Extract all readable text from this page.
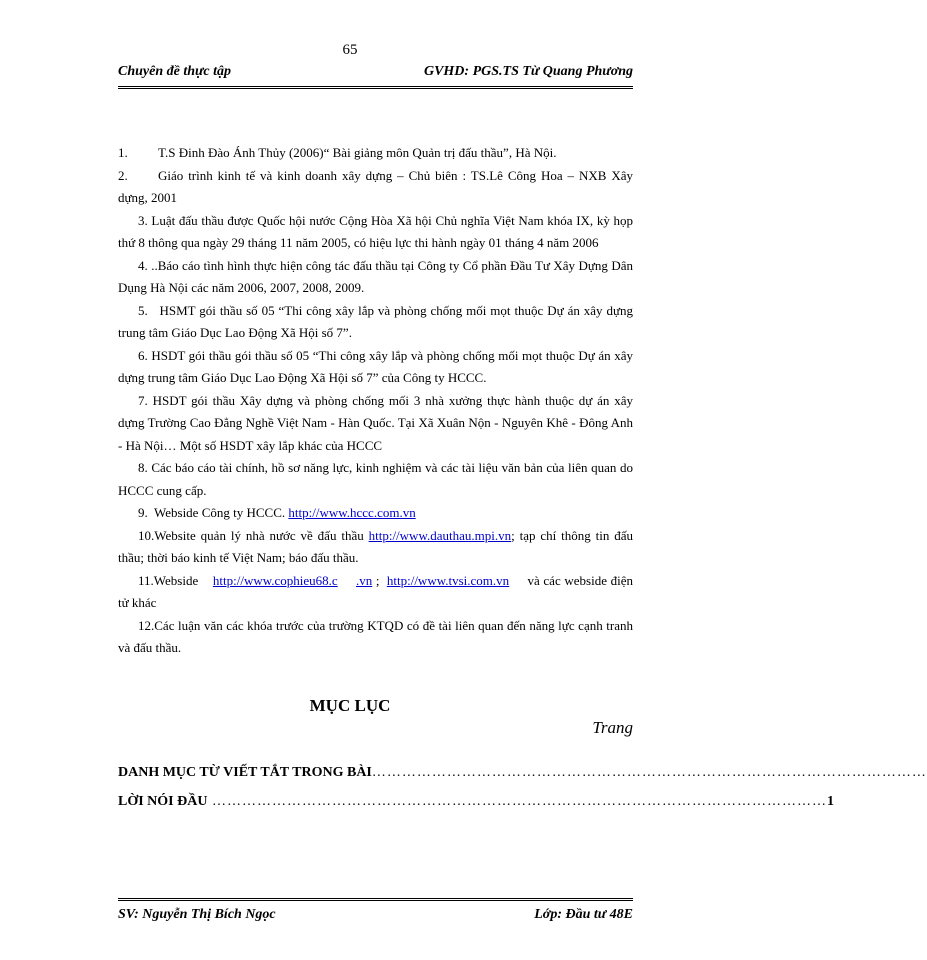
65
Chuyên đề thực tập	GVHD: PGS.TS Từ Quang Phương

1. T.S Đinh Đào Ánh Thủy (2006)“ Bài giảng môn Quản trị đấu thầu”, Hà Nội.

2. Giáo trình kinh tế và kinh doanh xây dựng – Chủ biên : TS.Lê Công Hoa – NXB Xây dựng, 2001

3. Luật đấu thầu được Quốc hội nước Cộng Hòa Xã hội Chủ nghĩa Việt Nam khóa IX, kỳ họp thứ 8 thông qua ngày 29 tháng 11 năm 2005, có hiệu lực thi hành ngày 01 tháng 4 năm 2006

4. ..Báo cáo tình hình thực hiện công tác đấu thầu tại Công ty Cổ phần Đầu Tư Xây Dựng Dân Dụng Hà Nội các năm 2006, 2007, 2008, 2009.

5. HSMT gói thầu số 05 “Thi công xây lắp và phòng chống mối mọt thuộc Dự án xây dựng trung tâm Giáo Dục Lao Động Xã Hội số 7”.

6. HSDT gói thầu gói thầu số 05 “Thi công xây lắp và phòng chống mối mọt thuộc Dự án xây dựng trung tâm Giáo Dục Lao Động Xã Hội số 7” của Công ty HCCC.

7. HSDT gói thầu Xây dựng và phòng chống mối 3 nhà xưởng thực hành thuộc dự án xây dựng Trường Cao Đẳng Nghề Việt Nam - Hàn Quốc. Tại Xã Xuân Nộn - Nguyên Khê - Đông Anh - Hà Nội… Một số HSDT xây lắp khác của HCCC

8. Các báo cáo tài chính, hồ sơ năng lực, kinh nghiệm và các tài liệu văn bản của liên quan do HCCC cung cấp.

9. Webside Công ty HCCC. http://www.hccc.com.vn

10.Website quản lý nhà nước về đấu thầu http://www.dauthau.mpi.vn; tạp chí thông tin đấu thầu; thời báo kinh tế Việt Nam; báo đấu thầu.

11.Webside http://www.cophieu68.c .vn ;  http://www.tvsi.com.vn và các webside điện tử khác

12.Các luận văn các khóa trước của trường KTQD có đề tài liên quan đến năng lực cạnh tranh và đấu thầu.

MỤC LỤC
Trang
DANH MỤC TỪ VIẾT TẮT TRONG BÀI …………………………………………………………………………………………………
LỜI NÓI ĐẦU …………………………………………………………………………………………………………… 1
SV: Nguyễn Thị Bích Ngọc	Lớp: Đầu tư 48E
